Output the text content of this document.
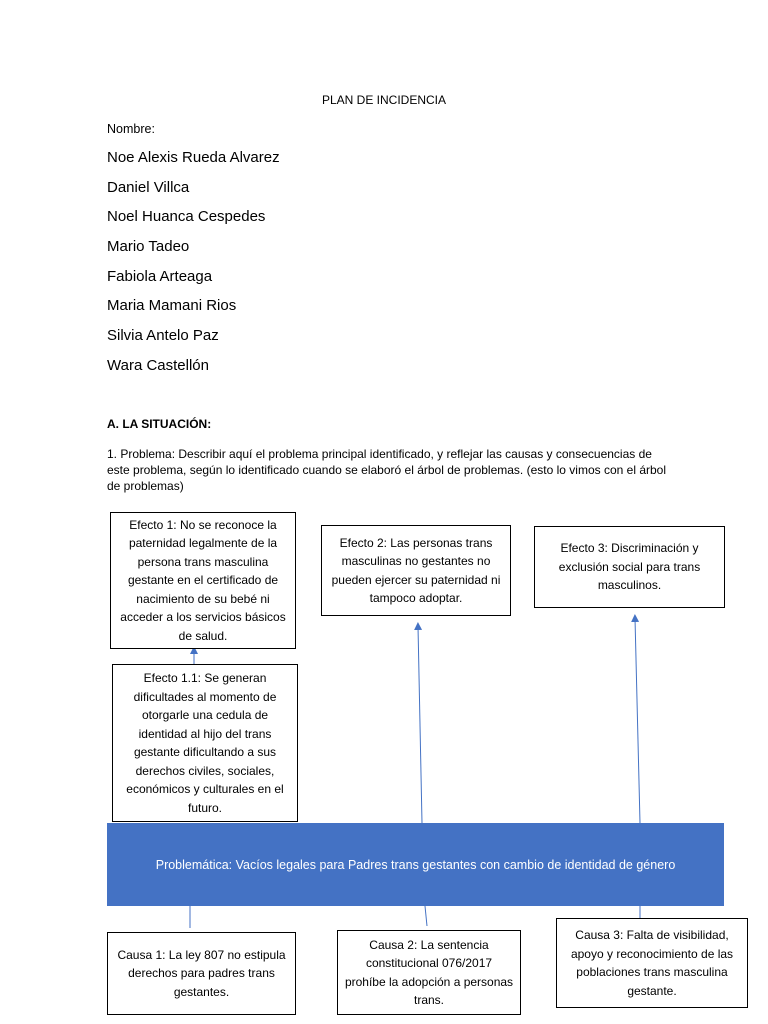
PLAN DE INCIDENCIA
Nombre:
Noe Alexis Rueda Alvarez
Daniel Villca
Noel Huanca Cespedes
Mario Tadeo
Fabiola Arteaga
Maria Mamani Rios
Silvia Antelo Paz
Wara Castellón
A. LA SITUACIÓN:
1. Problema: Describir aquí el problema principal identificado, y reflejar las causas y consecuencias de este problema, según lo identificado cuando se elaboró el árbol de problemas. (esto lo vimos con el árbol de problemas)
Efecto 1: No se reconoce la paternidad legalmente de la persona trans masculina gestante en el certificado de nacimiento de su bebé ni acceder a los servicios básicos de salud.
Efecto 2: Las personas trans masculinas no gestantes no pueden ejercer su paternidad ni tampoco adoptar.
Efecto 3: Discriminación y exclusión social para trans masculinos.
Efecto 1.1: Se generan dificultades al momento de otorgarle una cedula de identidad al hijo del trans gestante dificultando a sus derechos civiles, sociales, económicos y culturales en el futuro.
Problemática: Vacíos legales para Padres trans gestantes con cambio de identidad de género
Causa 1: La ley 807 no estipula derechos para padres trans gestantes.
Causa 2: La sentencia constitucional 076/2017 prohíbe la adopción a personas trans.
Causa 3: Falta de visibilidad, apoyo y reconocimiento de las poblaciones trans masculina gestante.
